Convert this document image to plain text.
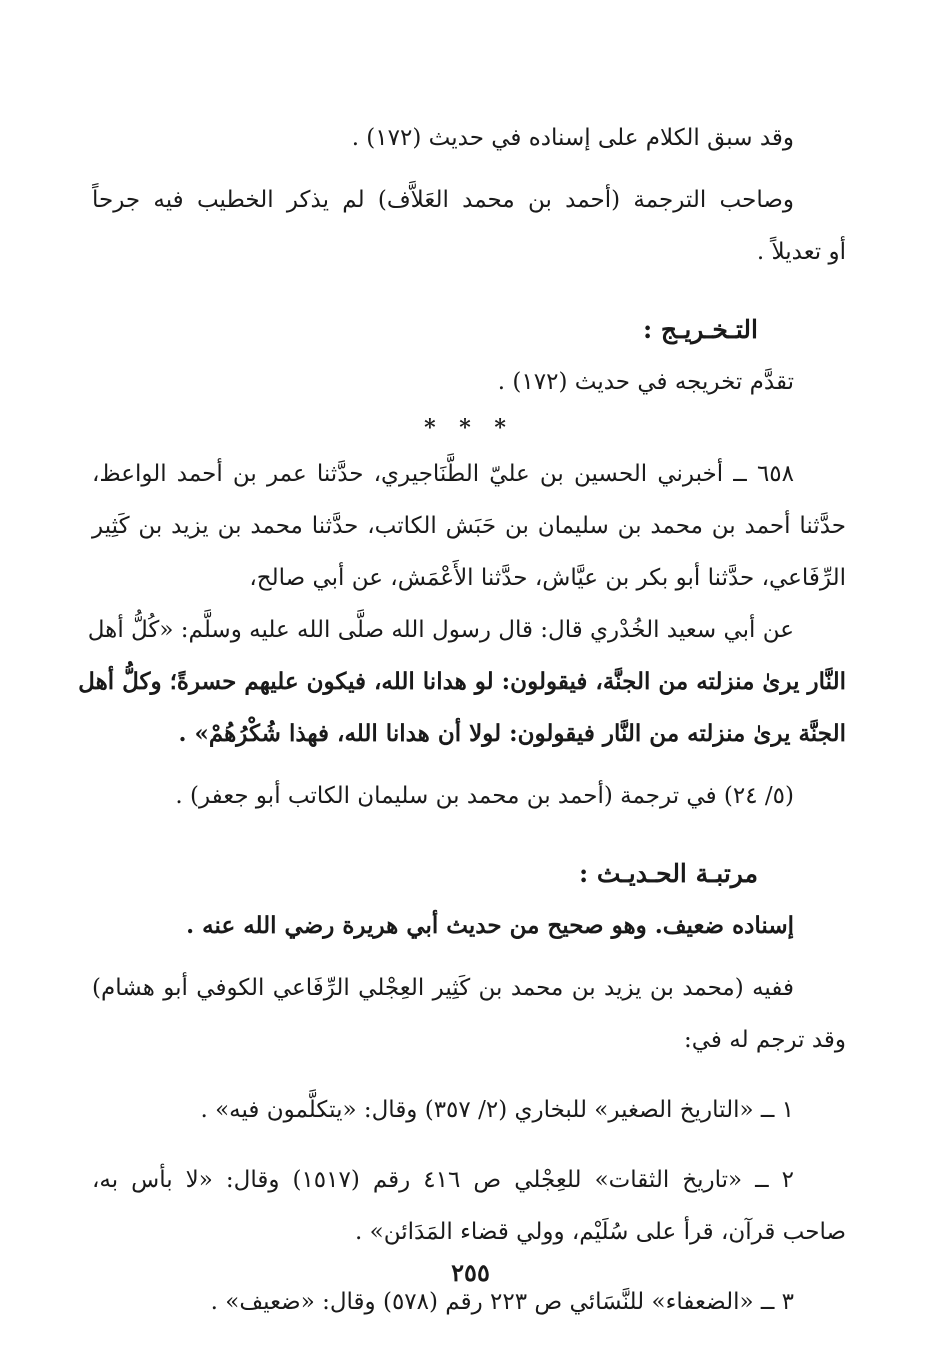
وقد سبق الكلام على إسناده في حديث (١٧٢) .

وصاحب الترجمة (أحمد بن محمد العَلاَّف) لم يذكر الخطيب فيه جرحاً

أو تعديلاً .

التـخـريـج :

تقدَّم تخريجه في حديث (١٧٢) .

* * *

٦٥٨ ــ أخبرني الحسين بن عليّ الطَّنَاجيري، حدَّثنا عمر بن أحمد الواعظ،

حدَّثنا أحمد بن محمد بن سليمان بن حَبَش الكاتب، حدَّثنا محمد بن يزيد بن كَثِير

الرِّفَاعي، حدَّثنا أبو بكر بن عيَّاش، حدَّثنا الأَعْمَش، عن أبي صالح،

عن أبي سعيد الخُدْري قال: قال رسول الله صلَّى الله عليه وسلَّم: «كُلُّ أهل

النَّار يرىٰ منزلته من الجنَّة، فيقولون: لو هدانا الله، فيكون عليهم حسرةً؛ وكلُّ أهل

الجنَّة يرىٰ منزلته من النَّار فيقولون: لولا أن هدانا الله، فهذا شُكْرُهُمْ» .

(٥/ ٢٤) في ترجمة (أحمد بن محمد بن سليمان الكاتب أبو جعفر) .

مرتبـة الحـديـث :

إسناده ضعيف. وهو صحيح من حديث أبي هريرة رضي الله عنه .

ففيه (محمد بن يزيد بن محمد بن كَثِير العِجْلي الرِّفَاعي الكوفي أبو هشام)

وقد ترجم له في:

١ ــ «التاريخ الصغير» للبخاري (٢/ ٣٥٧) وقال: «يتكلَّمون فيه» .

٢ ــ «تاريخ الثقات» للعِجْلي ص ٤١٦ رقم (١٥١٧) وقال: «لا بأس به،

صاحب قرآن، قرأ على سُلَيْم، وولي قضاء المَدَائن» .

٣ ــ «الضعفاء» للنَّسَائي ص ٢٢٣ رقم (٥٧٨) وقال: «ضعيف» .

٢٥٥
